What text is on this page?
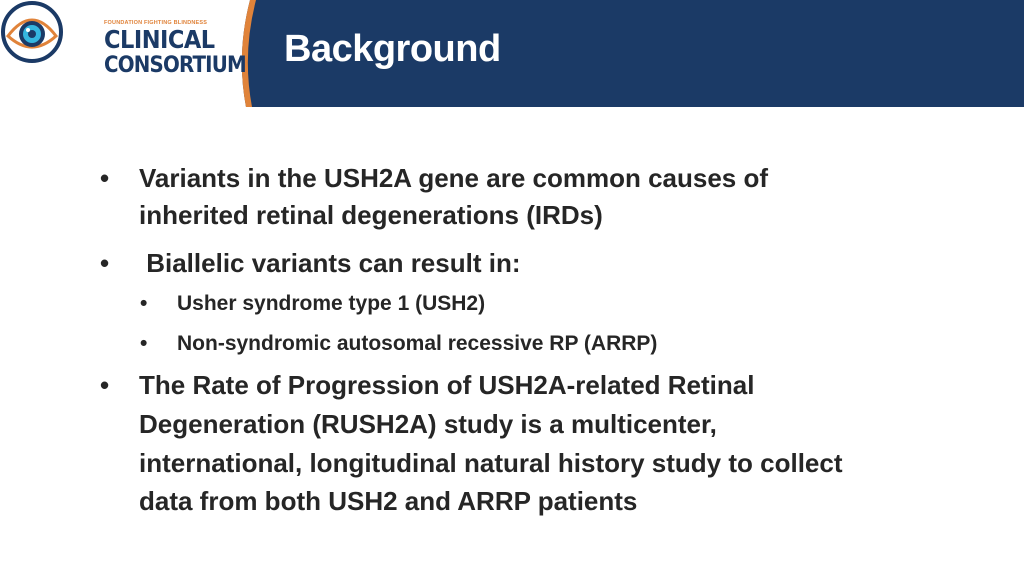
FOUNDATION FIGHTING BLINDNESS
CLINICAL
CONSORTIUM Background
• Variants in the USH2A gene are common causes of
inherited retinal degenerations (IRDs)
• Biallelic variants can result in:
• Usher syndrome type 1 (USH2)
• Non-syndromic autosomal recessive RP (ARRP)
• The Rate of Progression of USH2A-related Retinal
Degeneration (RUSH2A) study is a multicenter,
international, longitudinal natural history study to collect
data from both USH2 and ARRP patients
